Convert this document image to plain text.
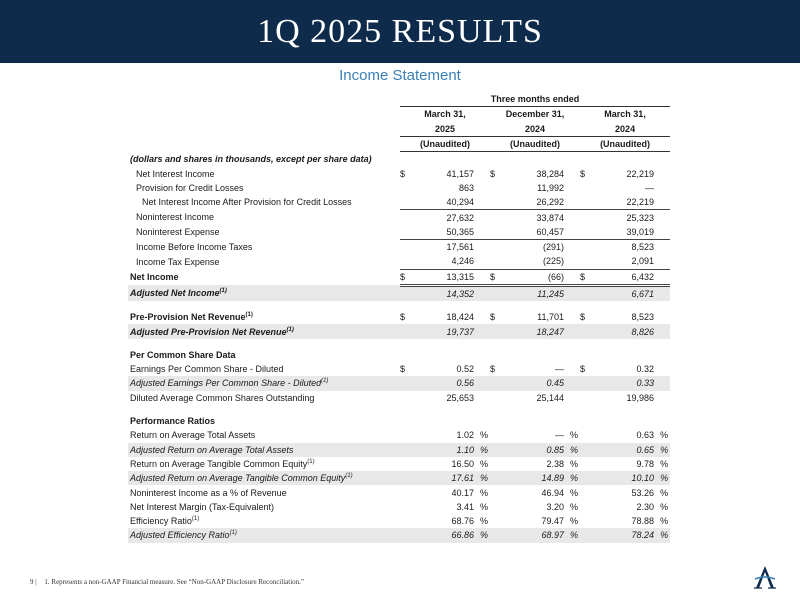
1Q 2025 RESULTS
Income Statement
	Three months ended								
	March 31,			December 31,			March 31,		
	2025			2024			2024		
	(Unaudited)			(Unaudited)			(Unaudited)		
(dollars and shares in thousands, except per share data)									
Net Interest Income	$	41,157		$	38,284		$	22,219	
Provision for Credit Losses		863			11,992			—	
Net Interest Income After Provision for Credit Losses		40,294			26,292			22,219	
Noninterest Income		27,632			33,874			25,323	
Noninterest Expense		50,365			60,457			39,019	
Income Before Income Taxes		17,561			(291)			8,523	
Income Tax Expense		4,246			(225)			2,091	
Net Income	$	13,315		$	(66)		$	6,432	
Adjusted Net Income$^{(1)}$		14,352			11,245			6,671	

Pre-Provision Net Revenue$^{(1)}$	$	18,424		$	11,701		$	8,523	
Adjusted Pre-Provision Net Revenue$^{(1)}$		19,737			18,247			8,826	

Per Common Share Data									
Earnings Per Common Share - Diluted	$	0.52		$	—		$	0.32	
Adjusted Earnings Per Common Share - Diluted$^{(1)}$		0.56			0.45			0.33	
Diluted Average Common Shares Outstanding		25,653			25,144			19,986	

Performance Ratios									
Return on Average Total Assets		1.02	%		—	%		0.63	%
Adjusted Return on Average Total Assets		1.10	%		0.85	%		0.65	%
Return on Average Tangible Common Equity$^{(1)}$		16.50	%		2.38	%		9.78	%
Adjusted Return on Average Tangible Common Equity$^{(1)}$		17.61	%		14.89	%		10.10	%
Noninterest Income as a % of Revenue		40.17	%		46.94	%		53.26	%
Net Interest Margin (Tax-Equivalent)		3.41	%		3.20	%		2.30	%
Efficiency Ratio$^{(1)}$		68.76	%		79.47	%		78.88	%
Adjusted Efficiency Ratio$^{(1)}$		66.86	%		68.97	%		78.24	%
9 | 1. Represents a non-GAAP Financial measure. See “Non-GAAP Disclosure Reconciliation.”
